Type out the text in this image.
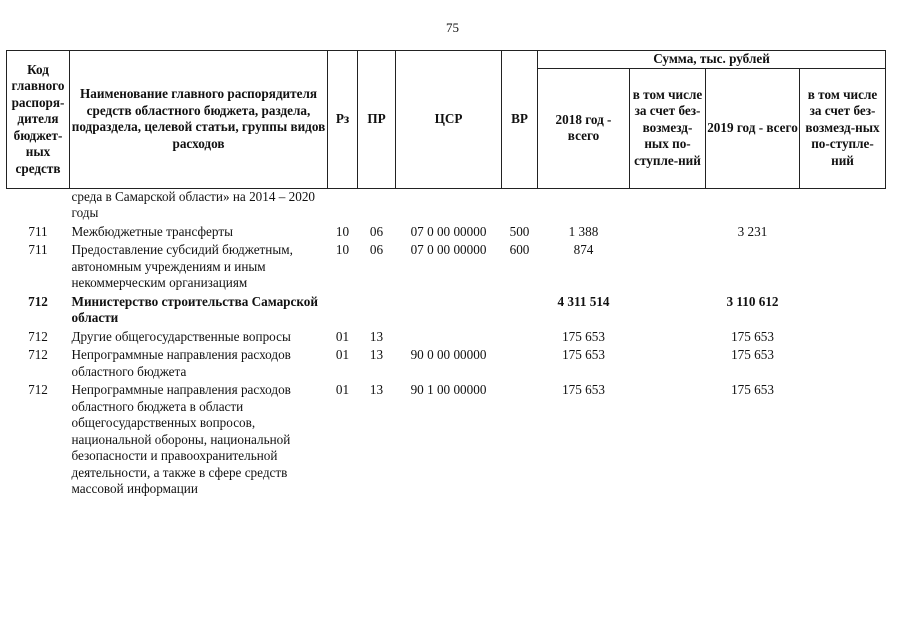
75
Код главного распоря-дителя бюджет-ных средств	Наименование главного распорядителя средств областного бюджета, раздела, подраздела, целевой статьи, группы видов расходов	Рз	ПР	ЦСР	ВР	Сумма, тыс. рублей			
						2018 год - всего	в том числе за счет без-возмезд-ных по-ступле-ний	2019 год - всего	в том числе за счет без-возмезд-ных по-ступле-ний
	среда в Самарской области» на 2014 – 2020 годы								
711	Межбюджетные трансферты	10	06	07 0 00 00000	500	1 388		3 231	
711	Предоставление субсидий бюджетным, автономным учреждениям и иным некоммерческим организациям	10	06	07 0 00 00000	600	874			
712	Министерство строительства Самарской области					4 311 514		3 110 612	
712	Другие общегосударственные вопросы	01	13			175 653		175 653	
712	Непрограммные направления расходов областного бюджета	01	13	90 0 00 00000		175 653		175 653	
712	Непрограммные направления расходов областного бюджета в области общегосударственных вопросов, национальной обороны, национальной безопасности и правоохранительной деятельности, а также в сфере средств массовой информации	01	13	90 1 00 00000		175 653		175 653	
